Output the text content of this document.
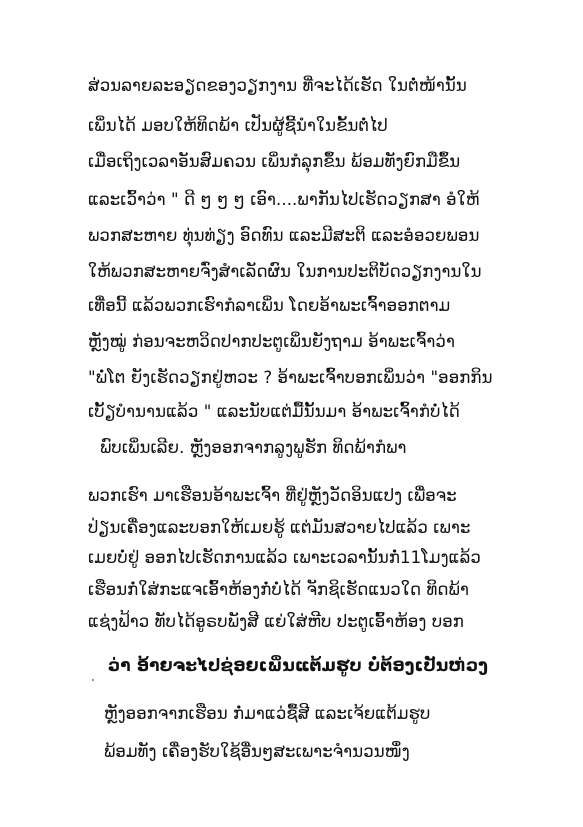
ສ່ວນລາຍລະອຽດຂອງວຽກງານ ທີ່ຈະໄດ້ເຮັດ ໃນຕໍ່ໜ້ານັ້ນ
ເພິ່ນໄດ້ ມອບໃຫ້ທິດພ້າ ເປັນຜູ້ຊີ້ນໍາໃນຂັ້ນຕໍ່ໄປ
ເມື່ອເຖິງເວລາອັນສົມຄວນ ເພິ່ນກໍລຸກຂຶ້ນ ພ້ອມທັງຍົກມືຂຶ້ນ
ແລະເວົ້າວ່າ " ດີ ໆ ໆ ໆ ເອົາ....ພາກັນໄປເຮັດວຽກສາ ອໍໃຫ້
ພວກສະຫາຍ ທຸ່ນທ່ຽງ ອົດທົນ ແລະມີສະຕິ ແລະອໍອວຍພອນ
ໃຫ້ພວກສະຫາຍຈົ່ງສໍາເລັດຜົນ ໃນການປະຕິບັດວຽກງານໃນ
ເທື່ອນີ້ ແລ້ວພວກເຮົາກໍລາເພິ່ນ ໂດຍອ້າພະເຈົ້າອອກຕາມ
ຫຼັງໝູ່ ກ່ອນຈະຫວິດປາກປະຕູເພິ່ນຍັງຖາມ ອ້າພະເຈົ້າວ່າ
"ພໍ່ໂຕ ຍັງເຮັດວຽກຢູ່ຫວະ ? ອ້າພະເຈົ້າບອກເພິ່ນວ່າ "ອອກກິນ
ເບັ້ຽບໍານານແລ້ວ " ແລະນັບແຕ່ມື້ນັ້ນມາ ອ້າພະເຈົ້າກໍບໍ່ໄດ້
ພົບເພິ່ນເລີຍ. ຫຼັງອອກຈາກລູງພູຮັກ ທິດພ້າກໍພາ
ພວກເຮົາ ມາເຮືອນອ້າພະເຈົ້າ ທີ່ຢູ່ຫຼັງວັດອິນແປງ ເພື່ອຈະ
ປ່ຽນເຄື່ອງແລະບອກໃຫ້ເມຍຮູ້ ແຕ່ມັນສວາຍໄປແລ້ວ ເພາະ
ເມຍບໍ່ຢູ່ ອອກໄປເຮັດການແລ້ວ ເພາະເວລານັ້ນກໍ່11ໂມງແລ້ວ
ເຮືອນກໍ່ໃສ່ກະແຈເອົ້າຫ້ອງກໍ່ບໍ່ໄດ້ ຈັກຊິເຮັດແນວໃດ ທິດພ້າ
ແຊ່ງຟ້າວ ທັບໄດ້ອູຣບພັງສີ ແຍ່ໃສ່ຫີບ ປະຕູເອົ້າຫ້ອງ ບອກ
ວ່າ ອ້າຍຈະໄປຊ່ອຍເພິ່ນແຕ້ມຮູບ ບໍ່ຕ້ອງເປັນຫ່ວງ
ຫຼັງອອກຈາກເຮືອນ ກໍ່ມາແວ່ຊື້ສີ ແລະເຈ້ຍແຕ້ມຮູບ
ພ້ອມທັງ ເຄື່ອງຮັບໃຊ້ອື່ນໆສະເພາະຈໍານວນໜຶ່ງ
